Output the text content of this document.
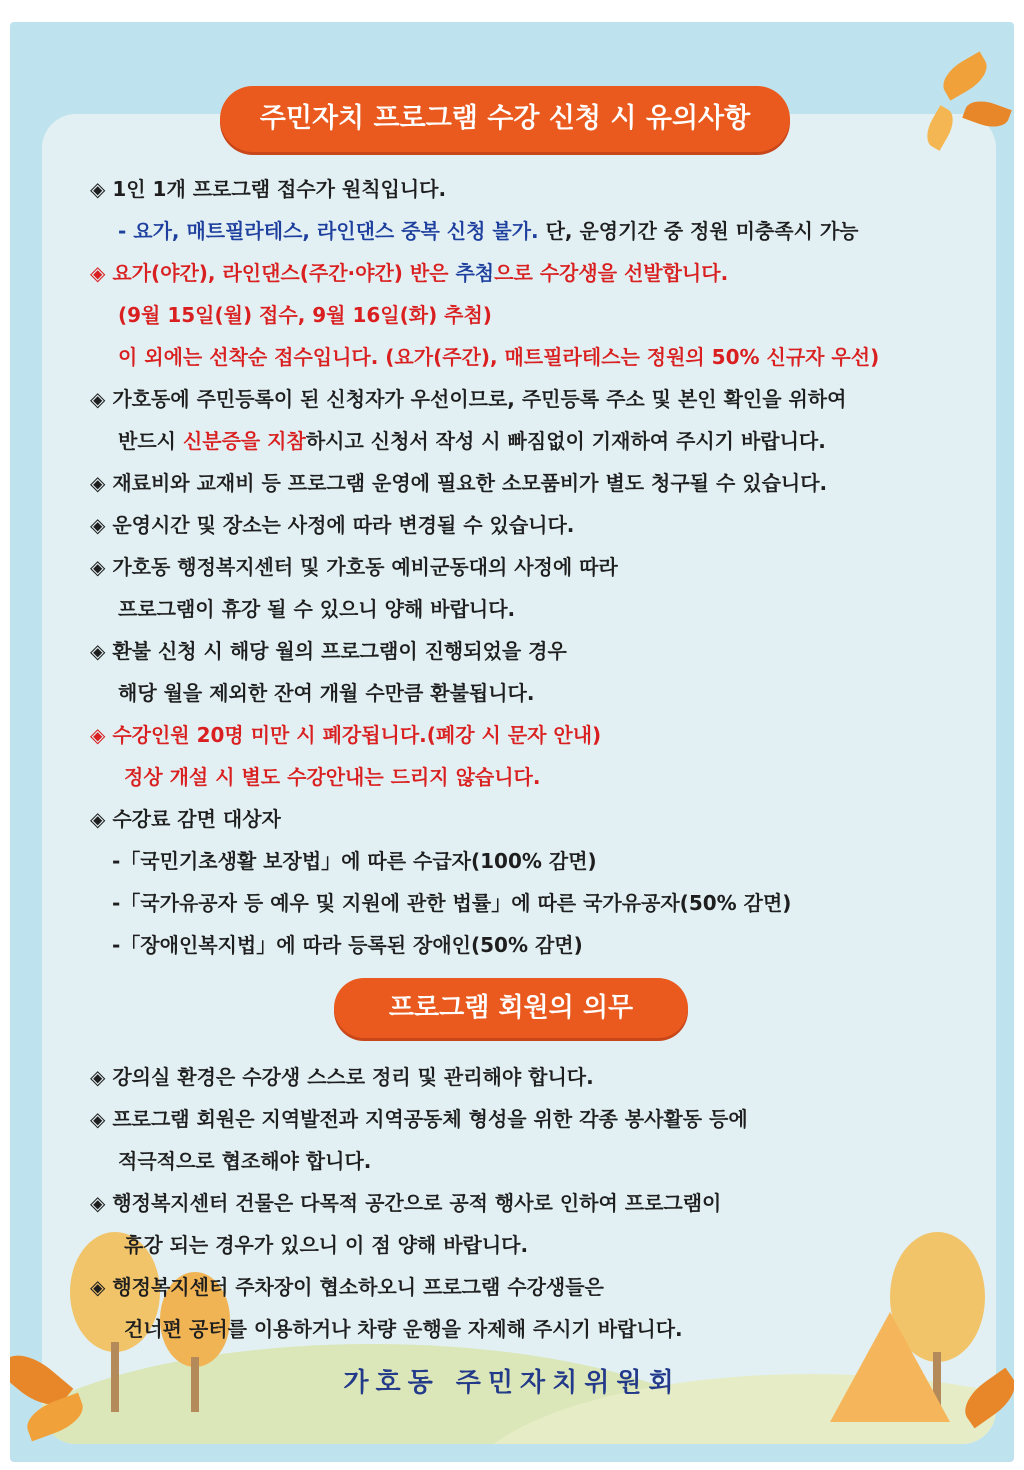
주민자치 프로그램 수강 신청 시 유의사항
◈ 1인 1개 프로그램 접수가 원칙입니다.
- 요가, 매트필라테스, 라인댄스 중복 신청 불가. 단, 운영기간 중 정원 미충족시 가능
◈ 요가(야간), 라인댄스(주간·야간) 반은 추첨으로 수강생을 선발합니다.
(9월 15일(월) 접수, 9월 16일(화) 추첨)
이 외에는 선착순 접수입니다. (요가(주간), 매트필라테스는 정원의 50% 신규자 우선)
◈ 가호동에 주민등록이 된 신청자가 우선이므로, 주민등록 주소 및 본인 확인을 위하여
반드시 신분증을 지참하시고 신청서 작성 시 빠짐없이 기재하여 주시기 바랍니다.
◈ 재료비와 교재비 등 프로그램 운영에 필요한 소모품비가 별도 청구될 수 있습니다.
◈ 운영시간 및 장소는 사정에 따라 변경될 수 있습니다.
◈ 가호동 행정복지센터 및 가호동 예비군동대의 사정에 따라
프로그램이 휴강 될 수 있으니 양해 바랍니다.
◈ 환불 신청 시 해당 월의 프로그램이 진행되었을 경우
해당 월을 제외한 잔여 개월 수만큼 환불됩니다.
◈ 수강인원 20명 미만 시 폐강됩니다.(폐강 시 문자 안내)
정상 개설 시 별도 수강안내는 드리지 않습니다.
◈ 수강료 감면 대상자
-「국민기초생활 보장법」에 따른 수급자(100% 감면)
-「국가유공자 등 예우 및 지원에 관한 법률」에 따른 국가유공자(50% 감면)
-「장애인복지법」에 따라 등록된 장애인(50% 감면)
프로그램 회원의 의무
◈ 강의실 환경은 수강생 스스로 정리 및 관리해야 합니다.
◈ 프로그램 회원은 지역발전과 지역공동체 형성을 위한 각종 봉사활동 등에
적극적으로 협조해야 합니다.
◈ 행정복지센터 건물은 다목적 공간으로 공적 행사로 인하여 프로그램이
휴강 되는 경우가 있으니 이 점 양해 바랍니다.
◈ 행정복지센터 주차장이 협소하오니 프로그램 수강생들은
건너편 공터를 이용하거나 차량 운행을 자제해 주시기 바랍니다.
가호동 주민자치위원회
